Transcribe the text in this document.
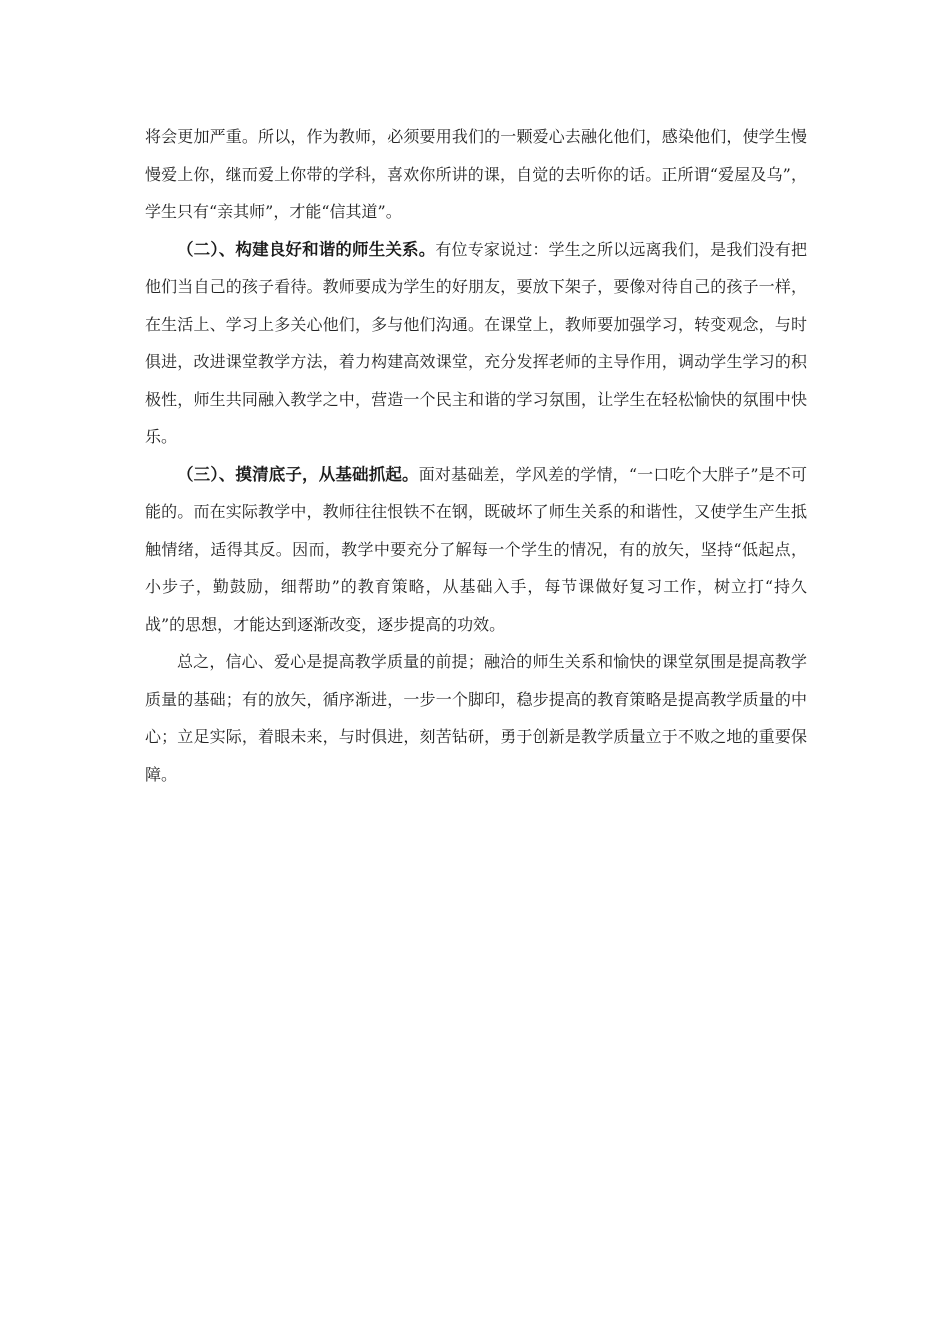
将会更加严重。所以，作为教师，必须要用我们的一颗爱心去融化他们，感染他们，使学生慢慢爱上你，继而爱上你带的学科，喜欢你所讲的课，自觉的去听你的话。正所谓“爱屋及乌”，学生只有“亲其师”，才能“信其道”。

（二）、构建良好和谐的师生关系。有位专家说过：学生之所以远离我们，是我们没有把他们当自己的孩子看待。教师要成为学生的好朋友，要放下架子，要像对待自己的孩子一样，在生活上、学习上多关心他们，多与他们沟通。在课堂上，教师要加强学习，转变观念，与时俱进，改进课堂教学方法，着力构建高效课堂，充分发挥老师的主导作用，调动学生学习的积极性，师生共同融入教学之中，营造一个民主和谐的学习氛围，让学生在轻松愉快的氛围中快乐。

（三）、摸清底子，从基础抓起。面对基础差，学风差的学情，“一口吃个大胖子”是不可能的。而在实际教学中，教师往往恨铁不在钢，既破坏了师生关系的和谐性，又使学生产生抵触情绪，适得其反。因而，教学中要充分了解每一个学生的情况，有的放矢，坚持“低起点，小步子，勤鼓励，细帮助”的教育策略，从基础入手，每节课做好复习工作，树立打“持久战”的思想，才能达到逐渐改变，逐步提高的功效。

总之，信心、爱心是提高教学质量的前提；融洽的师生关系和愉快的课堂氛围是提高教学质量的基础；有的放矢，循序渐进，一步一个脚印，稳步提高的教育策略是提高教学质量的中心；立足实际，着眼未来，与时俱进，刻苦钻研，勇于创新是教学质量立于不败之地的重要保障。
